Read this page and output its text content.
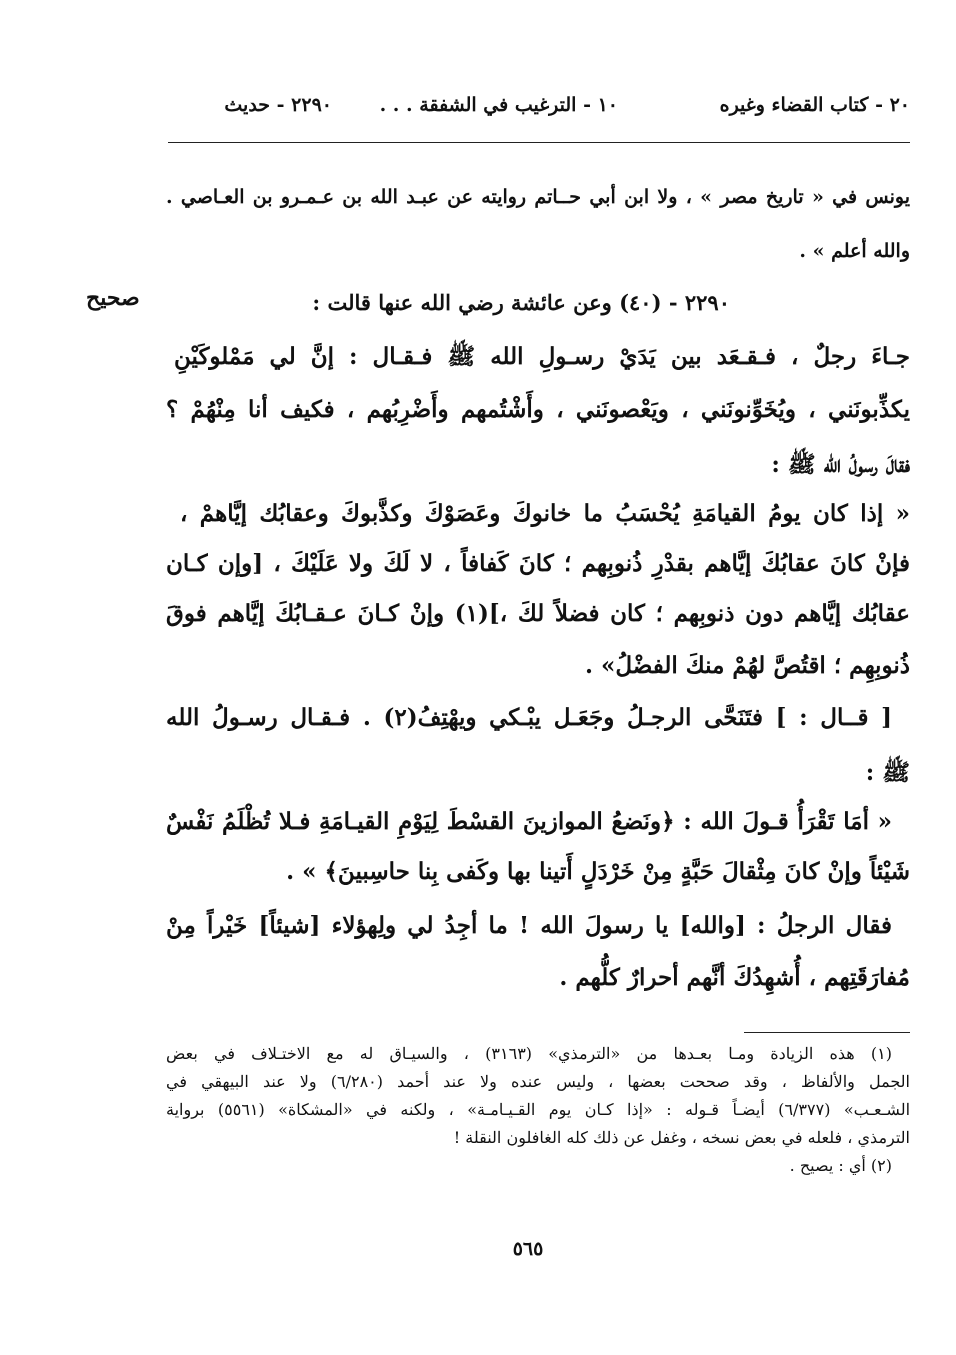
٢٠ - كتاب القضاء وغيره
١٠ - الترغيب في الشفقة . . .
٢٢٩٠ - حديث
يونس في « تاريخ مصر » ، ولا ابن أبي حــاتم روايته عن عبـد الله بن عـمـرو بن العـاصي .
والله أعلم » .
صحيح	٢٢٩٠ - (٤٠) وعن عائشة رضي الله عنها قالت :
جـاءَ رجلٌ ، فـقـعَد بين يَدَيْ رسـولِ الله ﷺ فـقـال : إنَّ لي مَمْلوكَيْنِ
يكذِّبونَني ، ويُخَوِّنونَني ، ويَعْصونَني ، وأَشْتُمهم وأَضْرِبُهم ، فكيف أنا مِنْهُمْ ؟
فقالَ رسولُ الله ﷺ :
« إذا كان يومُ القيامَةِ يُحْسَبُ ما خانوكَ وعَصَوْكَ وكذَّبوكَ وعقابُك إيَّاهمْ ،
فإنْ كانَ عقابُكَ إيَّاهم بقدْرِ ذُنوبِهم ؛ كانَ كَفافاً ، لا لَكَ ولا عَلَيْكَ ، [وإن كـان
عقابُك إيَّاهم دون ذنوبِهم ؛ كان فضلاً لكَ ،](١) وإنْ كـانَ عـقـابُكَ إيَّاهم فوقَ
ذُنوبِهِم ؛ اقتُصَّ لهُمْ منكَ الفضْلُ» .
[ قــال : ] فتَنَحَّى الرجـلُ وجَعَـل يبْـكي ويهْتِفُ(٢) . فـقـال رسـولُ الله
ﷺ :
« أمَا تَقْرَأُ قـولَ الله : ﴿ونَضعُ الموازينَ القسْطَ لِيَوْمِ القيـامَةِ فـلا تُظْلَمُ نَفْسٌ
شَيْئاً وإنْ كانَ مِثْقالَ حَبَّةٍ مِنْ خَرْدَلٍ أَتينا بها وكَفى بِنا حاسِبينَ﴾ » .
فقال الرجلُ : [والله] يا رسولَ الله ! ما أجِدُ لي ولِهؤلاء [شيئاً] خَيْراً مِنْ
مُفارَقَتِهم ، أُشهِدُكَ أنَّهم أحرارٌ كلُّهم .
(١) هذه الزيادة ومـا بعـدها من «الترمذي» (٣١٦٣) ، والسيـاق له مع الاختـلاف في بعض
الجمل والألفاظ ، وقد صححت بعضها ، وليس عنده ولا عند أحمد (٦/٢٨٠) ولا عند البيهقي في
الشـعـب» (٦/٣٧٧) أيضـاً قـوله : «إذا كـان يوم القـيـامـة» ، ولكنه في «المشكاة» (٥٥٦١) برواية
الترمذي ، فلعله في بعض نسخه ، وغفل عن ذلك كله الغافلون النقلة !
(٢) أي : يصيح .
٥٦٥
